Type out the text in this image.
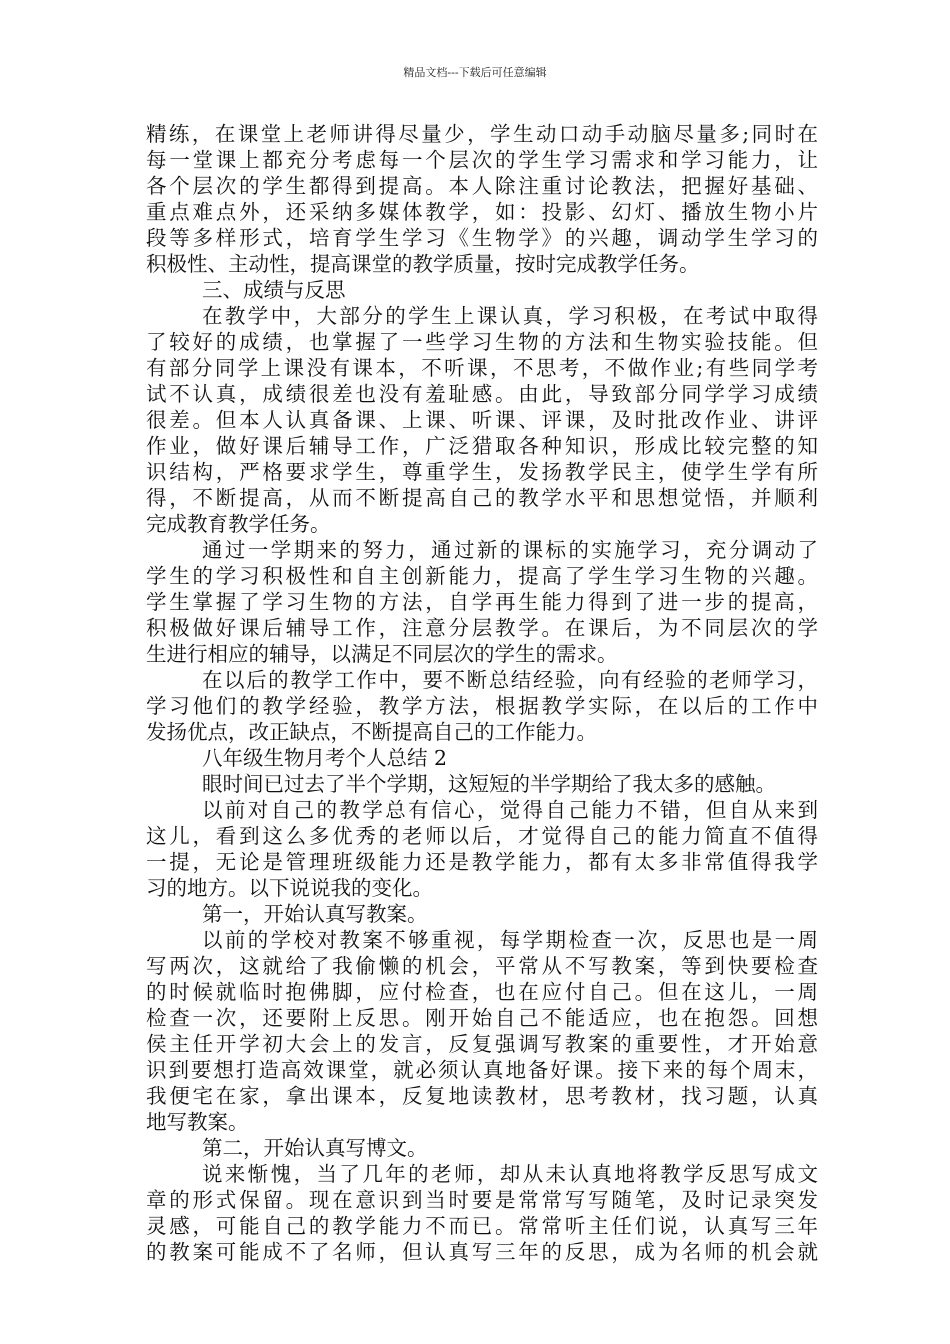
精品文档---下载后可任意编辑
精练，在课堂上老师讲得尽量少，学生动口动手动脑尽量多;同时在
每一堂课上都充分考虑每一个层次的学生学习需求和学习能力，让
各个层次的学生都得到提高。本人除注重讨论教法，把握好基础、
重点难点外，还采纳多媒体教学，如：投影、幻灯、播放生物小片
段等多样形式，培育学生学习《生物学》的兴趣，调动学生学习的
积极性、主动性，提高课堂的教学质量，按时完成教学任务。
三、成绩与反思
在教学中，大部分的学生上课认真，学习积极，在考试中取得
了较好的成绩，也掌握了一些学习生物的方法和生物实验技能。但
有部分同学上课没有课本，不听课，不思考，不做作业;有些同学考
试不认真，成绩很差也没有羞耻感。由此，导致部分同学学习成绩
很差。但本人认真备课、上课、听课、评课，及时批改作业、讲评
作业，做好课后辅导工作，广泛猎取各种知识，形成比较完整的知
识结构，严格要求学生，尊重学生，发扬教学民主，使学生学有所
得，不断提高，从而不断提高自己的教学水平和思想觉悟，并顺利
完成教育教学任务。
通过一学期来的努力，通过新的课标的实施学习，充分调动了
学生的学习积极性和自主创新能力，提高了学生学习生物的兴趣。
学生掌握了学习生物的方法，自学再生能力得到了进一步的提高，
积极做好课后辅导工作，注意分层教学。在课后，为不同层次的学
生进行相应的辅导，以满足不同层次的学生的需求。
在以后的教学工作中，要不断总结经验，向有经验的老师学习，
学习他们的教学经验，教学方法，根据教学实际，在以后的工作中
发扬优点，改正缺点，不断提高自己的工作能力。
八年级生物月考个人总结 2
眼时间已过去了半个学期，这短短的半学期给了我太多的感触。
以前对自己的教学总有信心，觉得自己能力不错，但自从来到
这儿，看到这么多优秀的老师以后，才觉得自己的能力简直不值得
一提，无论是管理班级能力还是教学能力，都有太多非常值得我学
习的地方。以下说说我的变化。
第一，开始认真写教案。
以前的学校对教案不够重视，每学期检查一次，反思也是一周
写两次，这就给了我偷懒的机会，平常从不写教案，等到快要检查
的时候就临时抱佛脚，应付检查，也在应付自己。但在这儿，一周
检查一次，还要附上反思。刚开始自己不能适应，也在抱怨。回想
侯主任开学初大会上的发言，反复强调写教案的重要性，才开始意
识到要想打造高效课堂，就必须认真地备好课。接下来的每个周末，
我便宅在家，拿出课本，反复地读教材，思考教材，找习题，认真
地写教案。
第二，开始认真写博文。
说来惭愧，当了几年的老师，却从未认真地将教学反思写成文
章的形式保留。现在意识到当时要是常常写写随笔，及时记录突发
灵感，可能自己的教学能力不而已。常常听主任们说，认真写三年
的教案可能成不了名师，但认真写三年的反思，成为名师的机会就
